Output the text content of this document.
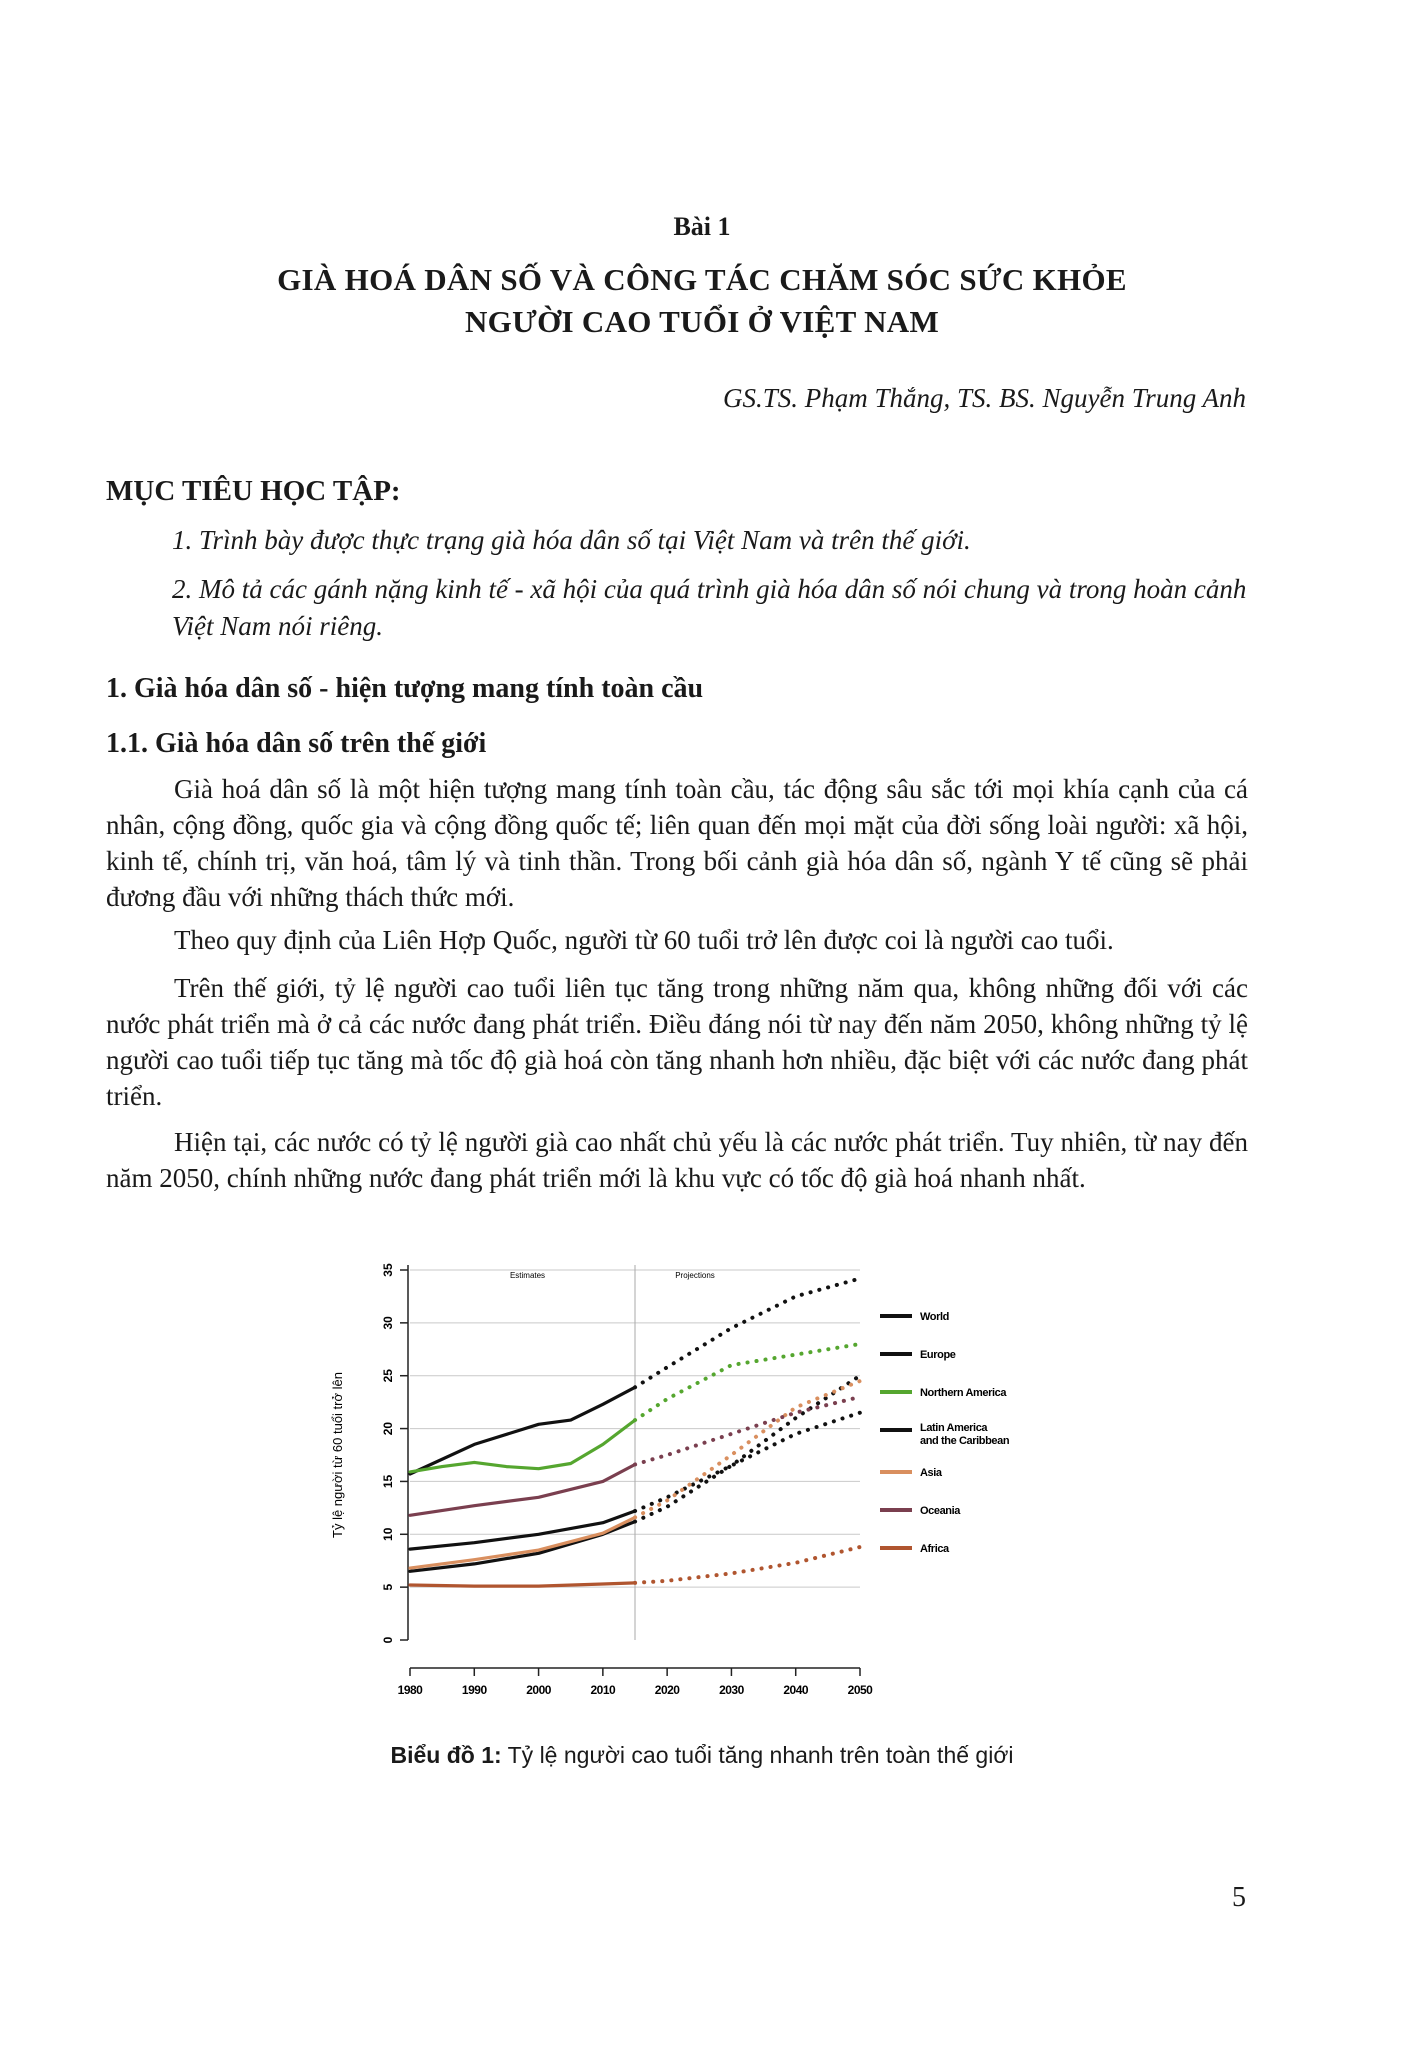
Bài 1
GIÀ HOÁ DÂN SỐ VÀ CÔNG TÁC CHĂM SÓC SỨC KHỎE
NGƯỜI CAO TUỔI Ở VIỆT NAM
GS.TS. Phạm Thắng, TS. BS. Nguyễn Trung Anh
MỤC TIÊU HỌC TẬP:
1. Trình bày được thực trạng già hóa dân số tại Việt Nam và trên thế giới.
2. Mô tả các gánh nặng kinh tế - xã hội của quá trình già hóa dân số nói chung và trong hoàn cảnh Việt Nam nói riêng.
1. Già hóa dân số - hiện tượng mang tính toàn cầu
1.1. Già hóa dân số trên thế giới
Già hoá dân số là một hiện tượng mang tính toàn cầu, tác động sâu sắc tới mọi khía cạnh của cá nhân, cộng đồng, quốc gia và cộng đồng quốc tế; liên quan đến mọi mặt của đời sống loài người: xã hội, kinh tế, chính trị, văn hoá, tâm lý và tinh thần. Trong bối cảnh già hóa dân số, ngành Y tế cũng sẽ phải đương đầu với những thách thức mới.
Theo quy định của Liên Hợp Quốc, người từ 60 tuổi trở lên được coi là người cao tuổi.
Trên thế giới, tỷ lệ người cao tuổi liên tục tăng trong những năm qua, không những đối với các nước phát triển mà ở cả các nước đang phát triển. Điều đáng nói từ nay đến năm 2050, không những tỷ lệ người cao tuổi tiếp tục tăng mà tốc độ già hoá còn tăng nhanh hơn nhiều, đặc biệt với các nước đang phát triển.
Hiện tại, các nước có tỷ lệ người già cao nhất chủ yếu là các nước phát triển. Tuy nhiên, từ nay đến năm 2050, chính những nước đang phát triển mới là khu vực có tốc độ già hoá nhanh nhất.
0
5
10
15
20
25
30
35
1980	1990	2000	2010	2020	2030	2040	2050
Tỷ lệ người từ 60 tuổi trở lên
Estimates	Projections
World
Europe
Northern America
Latin America
and the Caribbean
Asia
Oceania
Africa
Biểu đồ 1: Tỷ lệ người cao tuổi tăng nhanh trên toàn thế giới
5
